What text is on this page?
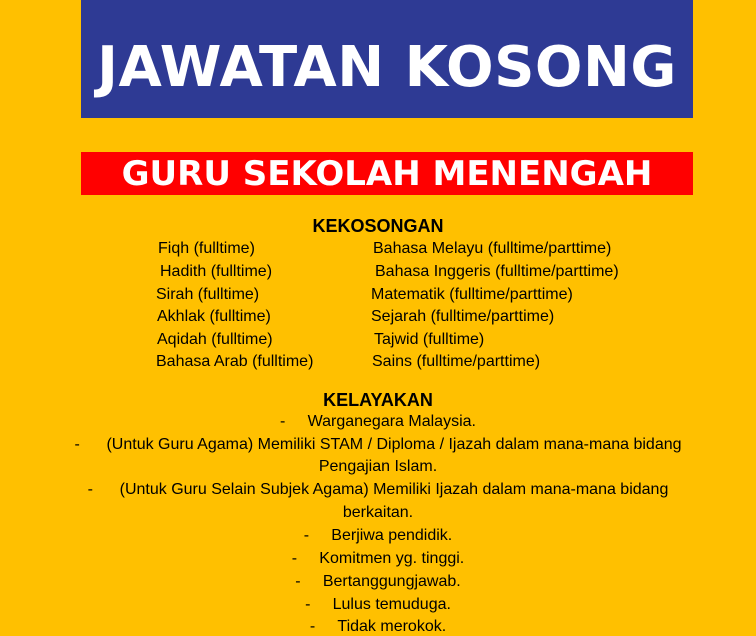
JAWATAN KOSONG
GURU SEKOLAH MENENGAH
KEKOSONGAN
Fiqh (fulltime)	Bahasa Melayu (fulltime/parttime)
Hadith (fulltime)	Bahasa Inggeris (fulltime/parttime)
Sirah (fulltime)	Matematik (fulltime/parttime)
Akhlak (fulltime)	Sejarah (fulltime/parttime)
Aqidah (fulltime)	Tajwid (fulltime)
Bahasa Arab (fulltime)	Sains (fulltime/parttime)
KELAYAKAN
- Warganegara Malaysia.
- (Untuk Guru Agama) Memiliki STAM / Diploma / Ijazah dalam mana-mana bidang
Pengajian Islam.
- (Untuk Guru Selain Subjek Agama) Memiliki Ijazah dalam mana-mana bidang
berkaitan.
- Berjiwa pendidik.
- Komitmen yg. tinggi.
- Bertanggungjawab.
- Lulus temuduga.
- Tidak merokok.
